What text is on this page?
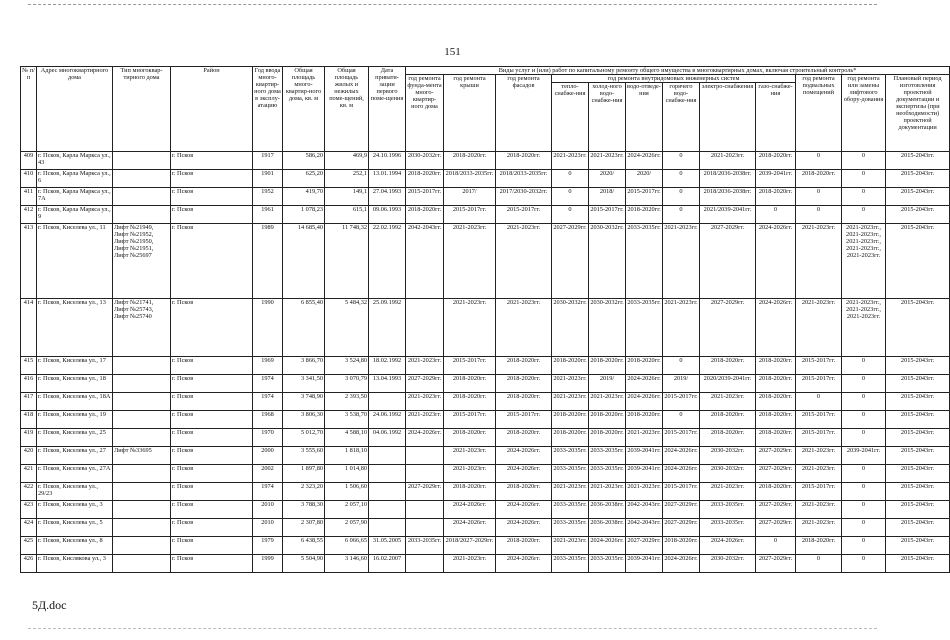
151
№ п/п	Адрес многоквартирного дома	Тип многоквар-тирного дома	Район	Год ввода много-квартир-ного дома в эксплу-атацию	Общая площадь много-квартир-ного дома, кв. м	Общая площадь жилых и нежилых поме-щений, кв. м	Дата привати-зации первого поме-щения	Виды услуг и (или) работ по капитальному ремонту общего имущества в многоквартирных домах, включая строительный контроль*											
								год ремонта фунда-мента много-квартир-ного дома	год ремонта крыши	год ремонта фасадов	год ремонта внутридомовых инженерных систем						год ремонта подвальных помещений	год ремонта или замены лифтового обору-дования	Плановый период изготовления проектной документации и экспертизы (при необходимости) проектной документации
											тепло-снабже-ния	холод-ного водо-снабже-ния	водо-отведе-ния	горячего водо-снабже-ния	электро-снабжения	газо-снабже-ния			
409	г. Псков, Карла Маркса ул., 43		г. Псков	1917	586,20	469,9	24.10.1996	2030-2032гг.	2018-2020гг.	2018-2020гг.	2021-2023гг.	2021-2023гг.	2024-2026гг.	0	2021-2023гг.	2018-2020гг.	0	0	2015-2043гг.
410	г. Псков, Карла Маркса ул., 6		г. Псков	1901	625,20	252,1	13.01.1994	2018-2020гг.	2018/2033-2035гг.	2018/2033-2035гг.	0	2020/	2020/	0	2018/2036-2038гг.	2039-2041гг.	2018-2020гг.	0	2015-2043гг.
411	г. Псков, Карла Маркса ул., 7А		г. Псков	1952	419,70	149,1	27.04.1993	2015-2017гг.	2017/	2017/2030-2032гг.	0	2018/	2015-2017гг.	0	2018/2036-2038гг.	2018-2020гг.	0	0	2015-2043гг.
412	г. Псков, Карла Маркса ул., 9		г. Псков	1961	1 078,23	615,1	09.06.1993	2018-2020гг.	2015-2017гг.	2015-2017гг.	0	2015-2017гг.	2018-2020гг.	0	2021/2039-2041гг.	0	0	0	2015-2043гг.
413	г. Псков, Киселева ул., 11	Лифт №21949, Лифт №21952, Лифт №21950, Лифт №21951, Лифт №25697	г. Псков	1989	14 685,40	11 748,32	22.02.1992	2042-2043гг.	2021-2023гг.	2021-2023гг.	2027-2029гг.	2030-2032гг.	2033-2035гг.	2021-2023гг.	2027-2029гг.	2024-2026гг.	2021-2023гг.	2021-2023гг., 2021-2023гг., 2021-2023гг., 2021-2023гг., 2021-2023гг.	2015-2043гг.
414	г. Псков, Киселева ул., 13	Лифт №21741, Лифт №25743, Лифт №25740	г. Псков	1990	6 855,40	5 484,32	25.09.1992		2021-2023гг.	2021-2023гг.	2030-2032гг.	2030-2032гг.	2033-2035гг.	2021-2023гг.	2027-2029гг.	2024-2026гг.	2021-2023гг.	2021-2023гг., 2021-2023гг., 2021-2023гг.	2015-2043гг.
415	г. Псков, Киселева ул., 17		г. Псков	1969	3 866,70	3 524,80	18.02.1992	2021-2023гг.	2015-2017гг.	2018-2020гг.	2018-2020гг.	2018-2020гг.	2018-2020гг.	0	2018-2020гг.	2018-2020гг.	2015-2017гг.	0	2015-2043гг.
416	г. Псков, Киселева ул., 18		г. Псков	1974	3 341,50	3 070,79	13.04.1993	2027-2029гг.	2018-2020гг.	2018-2020гг.	2021-2023гг.	2019/	2024-2026гг.	2019/	2020/2039-2041гг.	2018-2020гг.	2015-2017гг.	0	2015-2043гг.
417	г. Псков, Киселева ул., 18А		г. Псков	1974	3 748,90	2 393,50		2021-2023гг.	2018-2020гг.	2018-2020гг.	2021-2023гг.	2021-2023гг.	2024-2026гг.	2015-2017гг.	2021-2023гг.	2018-2020гг.	0	0	2015-2043гг.
418	г. Псков, Киселева ул., 19		г. Псков	1968	3 806,30	3 538,70	24.06.1992	2021-2023гг.	2015-2017гг.	2015-2017гг.	2018-2020гг.	2018-2020гг.	2018-2020гг.	0	2018-2020гг.	2018-2020гг.	2015-2017гг.	0	2015-2043гг.
419	г. Псков, Киселева ул., 25		г. Псков	1970	5 012,70	4 588,10	04.06.1992	2024-2026гг.	2018-2020гг.	2018-2020гг.	2018-2020гг.	2018-2020гг.	2021-2023гг.	2015-2017гг.	2018-2020гг.	2018-2020гг.	2015-2017гг.	0	2015-2043гг.
420	г. Псков, Киселева ул., 27	Лифт №33695	г. Псков	2000	3 555,60	1 818,10			2021-2023гг.	2024-2026гг.	2033-2035гг.	2033-2035гг.	2039-2041гг.	2024-2026гг.	2030-2032гг.	2027-2029гг.	2021-2023гг.	2039-2041гг.	2015-2043гг.
421	г. Псков, Киселева ул., 27А		г. Псков	2002	1 897,80	1 014,80			2021-2023гг.	2024-2026гг.	2033-2035гг.	2033-2035гг.	2039-2041гг.	2024-2026гг.	2030-2032гг.	2027-2029гг.	2021-2023гг.	0	2015-2043гг.
422	г. Псков, Киселева ул., 29/23		г. Псков	1974	2 323,20	1 506,60		2027-2029гг.	2018-2020гг.	2018-2020гг.	2021-2023гг.	2021-2023гг.	2021-2023гг.	2015-2017гг.	2021-2023гг.	2018-2020гг.	2015-2017гг.	0	2015-2043гг.
423	г. Псков, Киселева ул., 3		г. Псков	2010	3 788,30	2 057,10			2024-2026гг.	2024-2026гг.	2033-2035гг.	2036-2038гг.	2042-2043гг.	2027-2029гг.	2033-2035гг.	2027-2029гг.	2021-2023гг.	0	2015-2043гг.
424	г. Псков, Киселева ул., 5		г. Псков	2010	2 307,80	2 057,90			2024-2026гг.	2024-2026гг.	2033-2035гг.	2036-2038гг.	2042-2043гг.	2027-2029гг.	2033-2035гг.	2027-2029гг.	2021-2023гг.	0	2015-2043гг.
425	г. Псков, Киселева ул., 8		г. Псков	1979	6 438,55	6 066,65	31.05.2005	2033-2035гг.	2018/2027-2029гг.	2018-2020гг.	2021-2023гг.	2024-2026гг.	2027-2029гг.	2018-2020гг.	2024-2026гг.	0	2018-2020гг.	0	2015-2043гг.
426	г. Псков, Кисляковa ул., 3		г. Псков	1999	5 504,90	3 146,60	16.02.2007		2021-2023гг.	2024-2026гг.	2033-2035гг.	2033-2035гг.	2039-2041гг.	2024-2026гг.	2030-2032гг.	2027-2029гг.	0	0	2015-2043гг.
5Д.doc
